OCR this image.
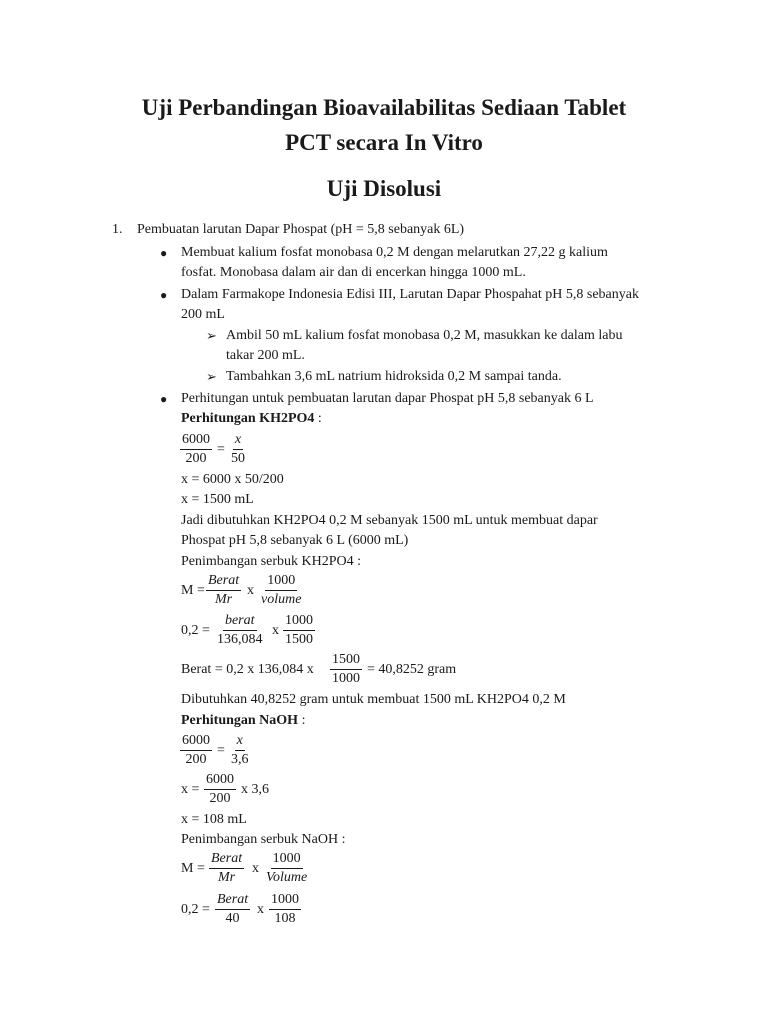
Uji Perbandingan Bioavailabilitas Sediaan Tablet
PCT secara In Vitro
Uji Disolusi
1. Pembuatan larutan Dapar Phospat (pH = 5,8 sebanyak 6L)
● Membuat kalium fosfat monobasa 0,2 M dengan melarutkan 27,22 g kalium
fosfat. Monobasa dalam air dan di encerkan hingga 1000 mL.
● Dalam Farmakope Indonesia Edisi III, Larutan Dapar Phospahat pH 5,8 sebanyak
200 mL
➢ Ambil 50 mL kalium fosfat monobasa 0,2 M, masukkan ke dalam labu
takar 200 mL.
➢ Tambahkan 3,6 mL natrium hidroksida 0,2 M sampai tanda.
● Perhitungan untuk pembuatan larutan dapar Phospat pH 5,8 sebanyak 6 L
Perhitungan KH2PO4 :
$\frac{6000}{200} = \frac{x}{50}$
x = 6000 x 50/200
x = 1500 mL
Jadi dibutuhkan KH2PO4 0,2 M sebanyak 1500 mL untuk membuat dapar
Phospat pH 5,8 sebanyak 6 L (6000 mL)
Penimbangan serbuk KH2PO4 :
M =
Berat
Mr
x
1000
volume
0,2 =
berat
136,084
x $\frac{1000}{1500}$
Berat = 0,2 x 136,084 x $\frac{1500}{1000} = 40,8252$ gram
Dibutuhkan 40,8252 gram untuk membuat 1500 mL KH2PO4 0,2 M
Perhitungan NaOH :
$\frac{6000}{200} = \frac{x}{3,6}$
$x = \frac{6000}{200}$ x 3,6
x = 108 mL
Penimbangan serbuk NaOH :
M =
Berat
Mr
x
1000
Volume
0,2 =
Berat
40
x $\frac{1000}{108}$
